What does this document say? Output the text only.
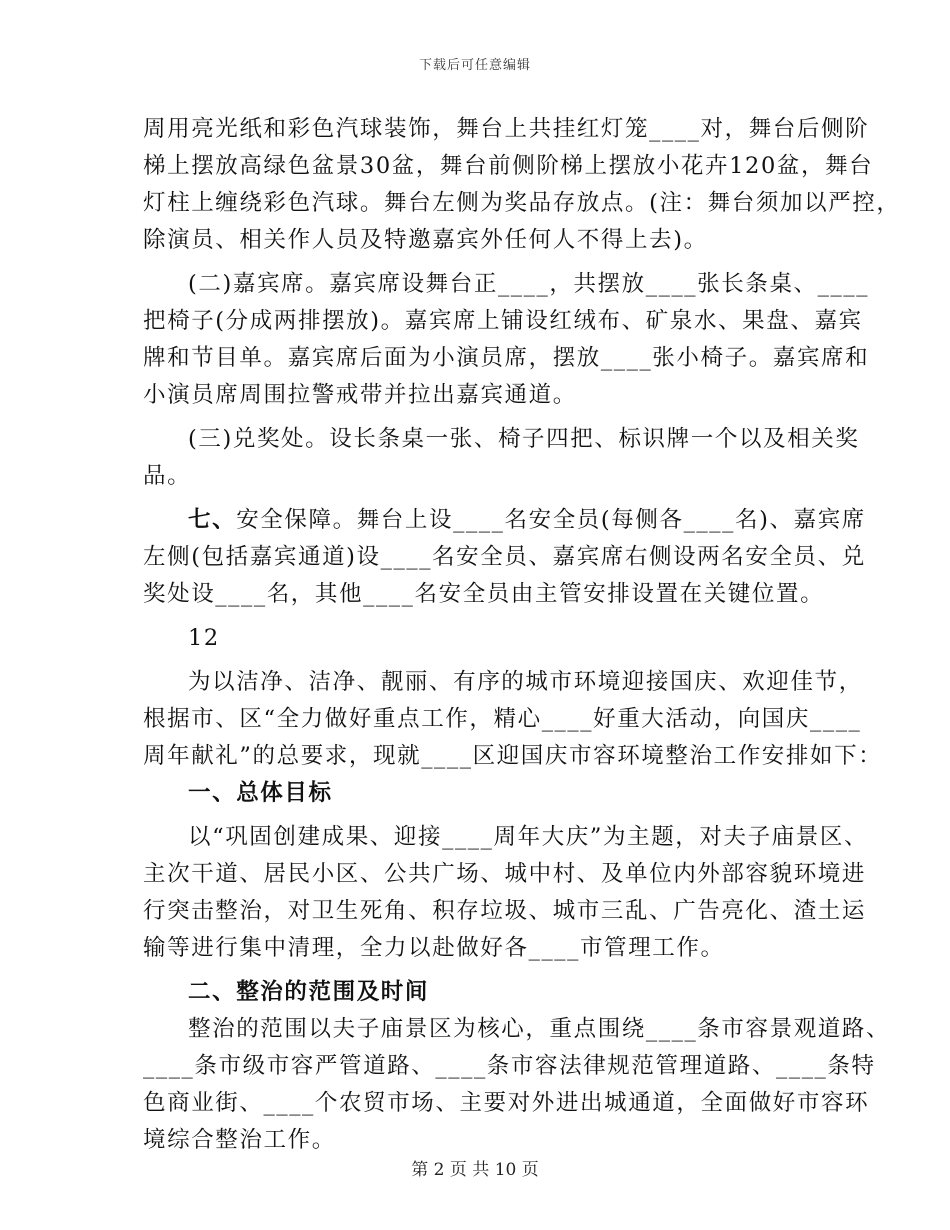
下载后可任意编辑
周用亮光纸和彩色汽球装饰，舞台上共挂红灯笼____对，舞台后侧阶
梯上摆放高绿色盆景30盆，舞台前侧阶梯上摆放小花卉120盆，舞台
灯柱上缠绕彩色汽球。舞台左侧为奖品存放点。(注：舞台须加以严控，
除演员、相关作人员及特邀嘉宾外任何人不得上去)。
(二)嘉宾席。嘉宾席设舞台正____，共摆放____张长条桌、____
把椅子(分成两排摆放)。嘉宾席上铺设红绒布、矿泉水、果盘、嘉宾
牌和节目单。嘉宾席后面为小演员席，摆放____张小椅子。嘉宾席和
小演员席周围拉警戒带并拉出嘉宾通道。
(三)兑奖处。设长条桌一张、椅子四把、标识牌一个以及相关奖
品。
七、安全保障。舞台上设____名安全员(每侧各____名)、嘉宾席
左侧(包括嘉宾通道)设____名安全员、嘉宾席右侧设两名安全员、兑
奖处设____名，其他____名安全员由主管安排设置在关键位置。
12
为以洁净、洁净、靓丽、有序的城市环境迎接国庆、欢迎佳节，
根据市、区“全力做好重点工作，精心____好重大活动，向国庆____
周年献礼”的总要求，现就____区迎国庆市容环境整治工作安排如下：
一、总体目标
以“巩固创建成果、迎接____周年大庆”为主题，对夫子庙景区、
主次干道、居民小区、公共广场、城中村、及单位内外部容貌环境进
行突击整治，对卫生死角、积存垃圾、城市三乱、广告亮化、渣土运
输等进行集中清理，全力以赴做好各____市管理工作。
二、整治的范围及时间
整治的范围以夫子庙景区为核心，重点围绕____条市容景观道路、
____条市级市容严管道路、____条市容法律规范管理道路、____条特
色商业街、____个农贸市场、主要对外进出城通道，全面做好市容环
境综合整治工作。
第 2 页 共 10 页
